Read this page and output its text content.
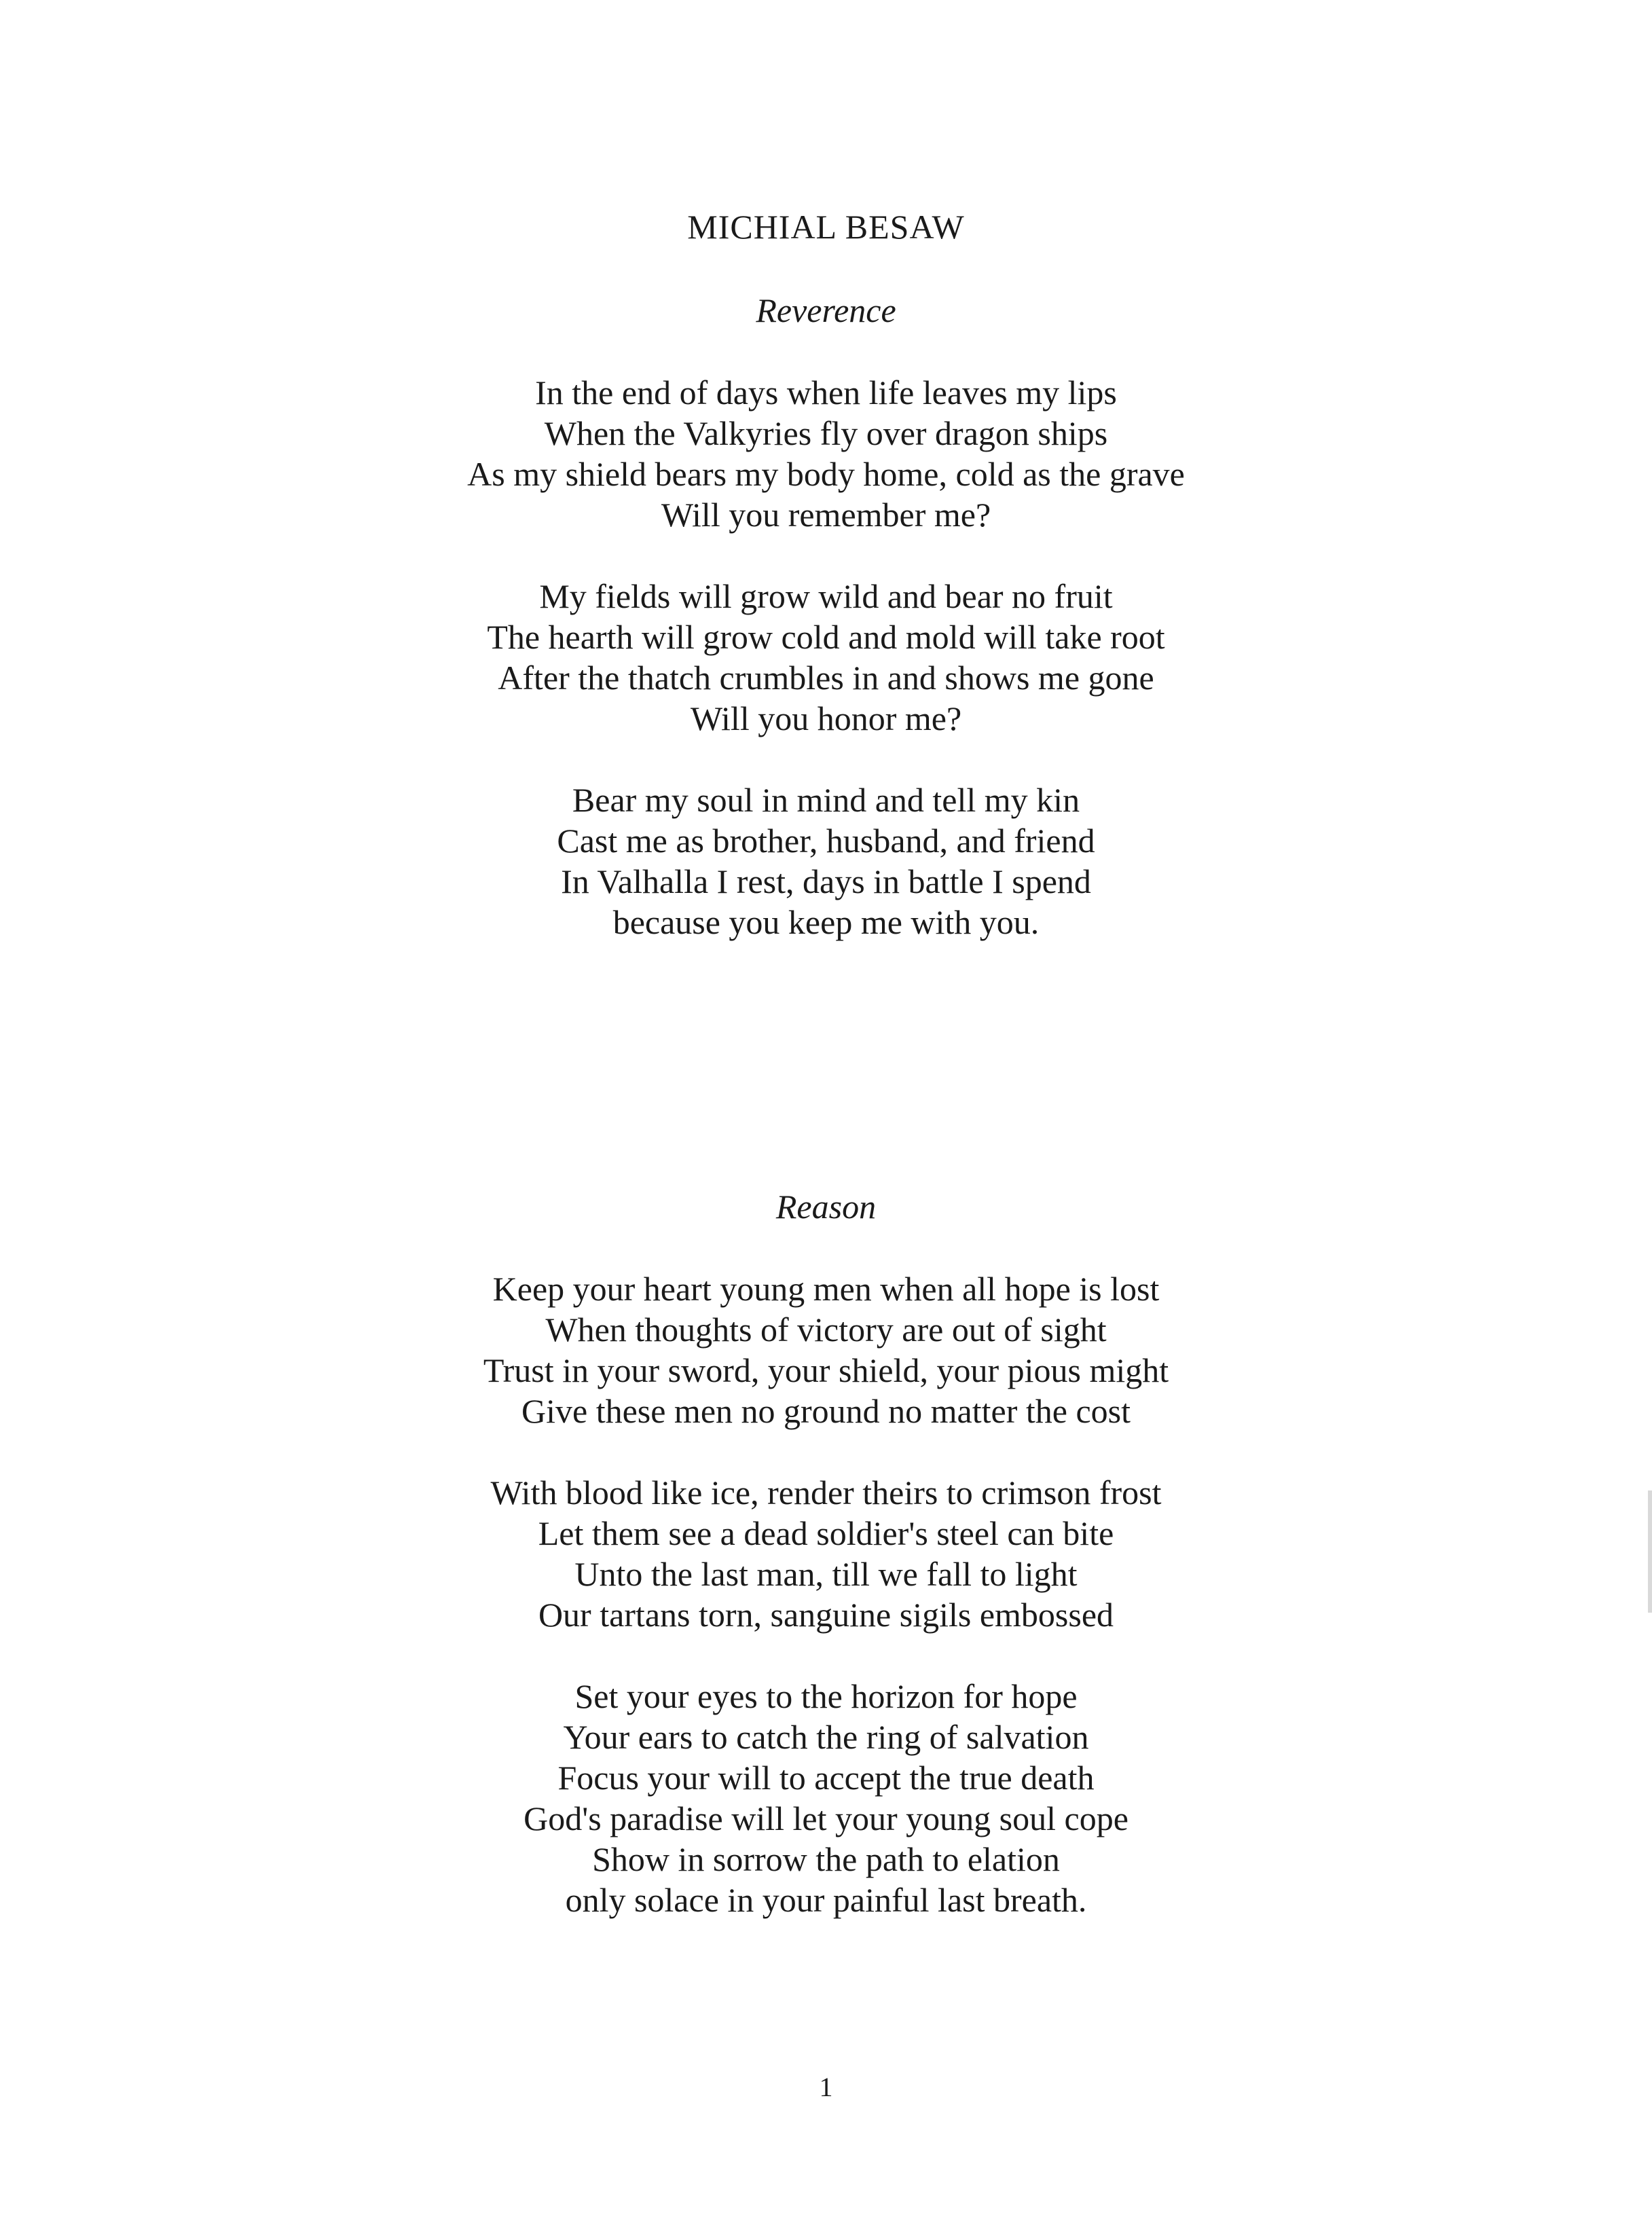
MICHIAL BESAW
Reverence
In the end of days when life leaves my lips
When the Valkyries fly over dragon ships
As my shield bears my body home, cold as the grave
Will you remember me?
My fields will grow wild and bear no fruit
The hearth will grow cold and mold will take root
After the thatch crumbles in and shows me gone
Will you honor me?
Bear my soul in mind and tell my kin
Cast me as brother, husband, and friend
In Valhalla I rest, days in battle I spend
because you keep me with you.
Reason
Keep your heart young men when all hope is lost
When thoughts of victory are out of sight
Trust in your sword, your shield, your pious might
Give these men no ground no matter the cost
With blood like ice, render theirs to crimson frost
Let them see a dead soldier's steel can bite
Unto the last man, till we fall to light
Our tartans torn, sanguine sigils embossed
Set your eyes to the horizon for hope
Your ears to catch the ring of salvation
Focus your will to accept the true death
God's paradise will let your young soul cope
Show in sorrow the path to elation
only solace in your painful last breath.
1
